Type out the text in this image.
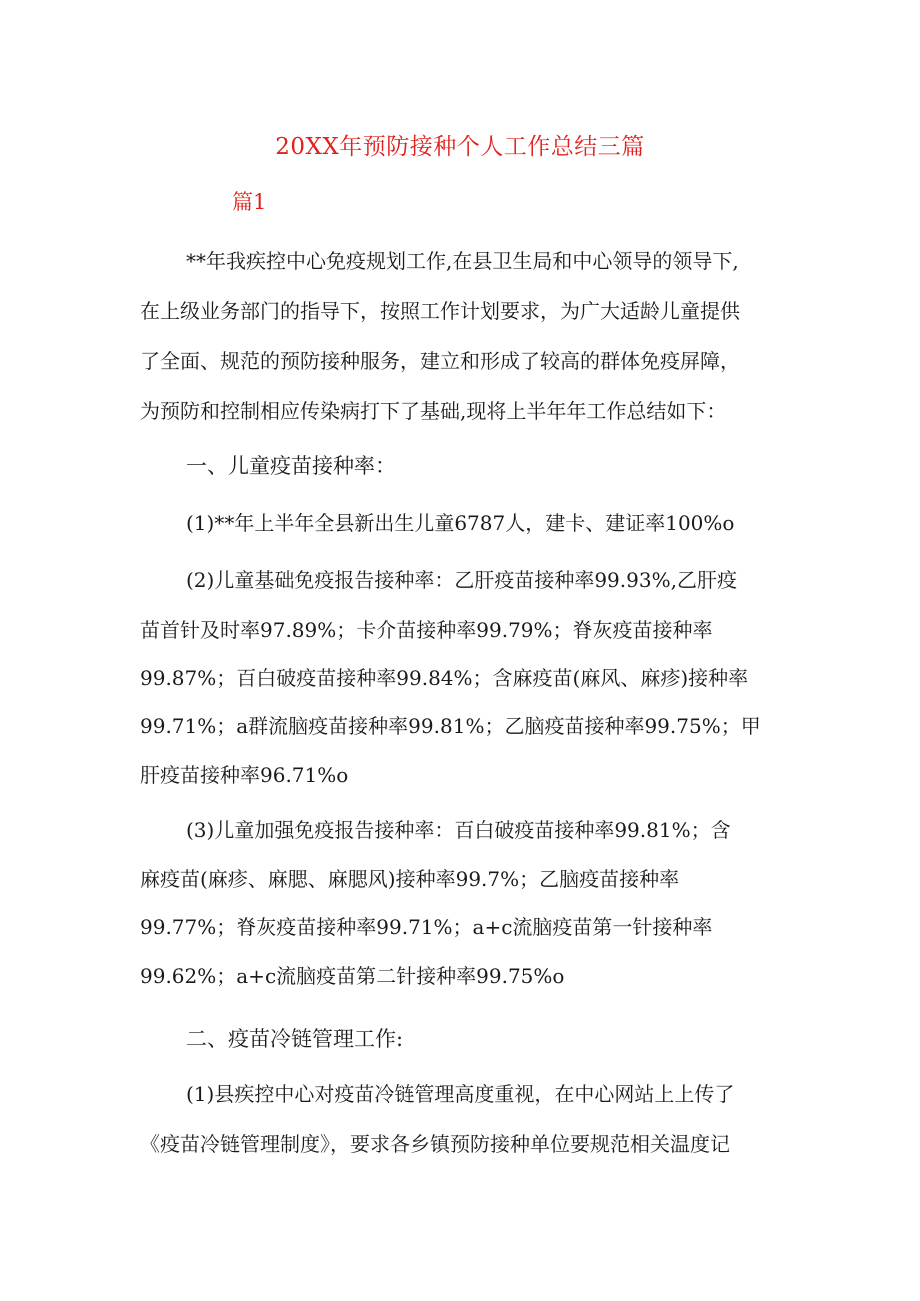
20XX年预防接种个人工作总结三篇
篇1
**年我疾控中心免疫规划工作,在县卫生局和中心领导的领导下,
在上级业务部门的指导下，按照工作计划要求，为广大适龄儿童提供
了全面、规范的预防接种服务，建立和形成了较高的群体免疫屏障，
为预防和控制相应传染病打下了基础,现将上半年年工作总结如下：
一、儿童疫苗接种率：
(1)**年上半年全县新出生儿童6787人，建卡、建证率100%o
(2)儿童基础免疫报告接种率：乙肝疫苗接种率99.93%,乙肝疫
苗首针及时率97.89%；卡介苗接种率99.79%；脊灰疫苗接种率
99.87%；百白破疫苗接种率99.84%；含麻疫苗(麻风、麻疹)接种率
99.71%；a群流脑疫苗接种率99.81%；乙脑疫苗接种率99.75%；甲
肝疫苗接种率96.71%o
(3)儿童加强免疫报告接种率：百白破疫苗接种率99.81%；含
麻疫苗(麻疹、麻腮、麻腮风)接种率99.7%；乙脑疫苗接种率
99.77%；脊灰疫苗接种率99.71%；a+c流脑疫苗第一针接种率
99.62%；a+c流脑疫苗第二针接种率99.75%o
二、疫苗冷链管理工作:
(1)县疾控中心对疫苗冷链管理高度重视，在中心网站上上传了
《疫苗冷链管理制度》，要求各乡镇预防接种单位要规范相关温度记
